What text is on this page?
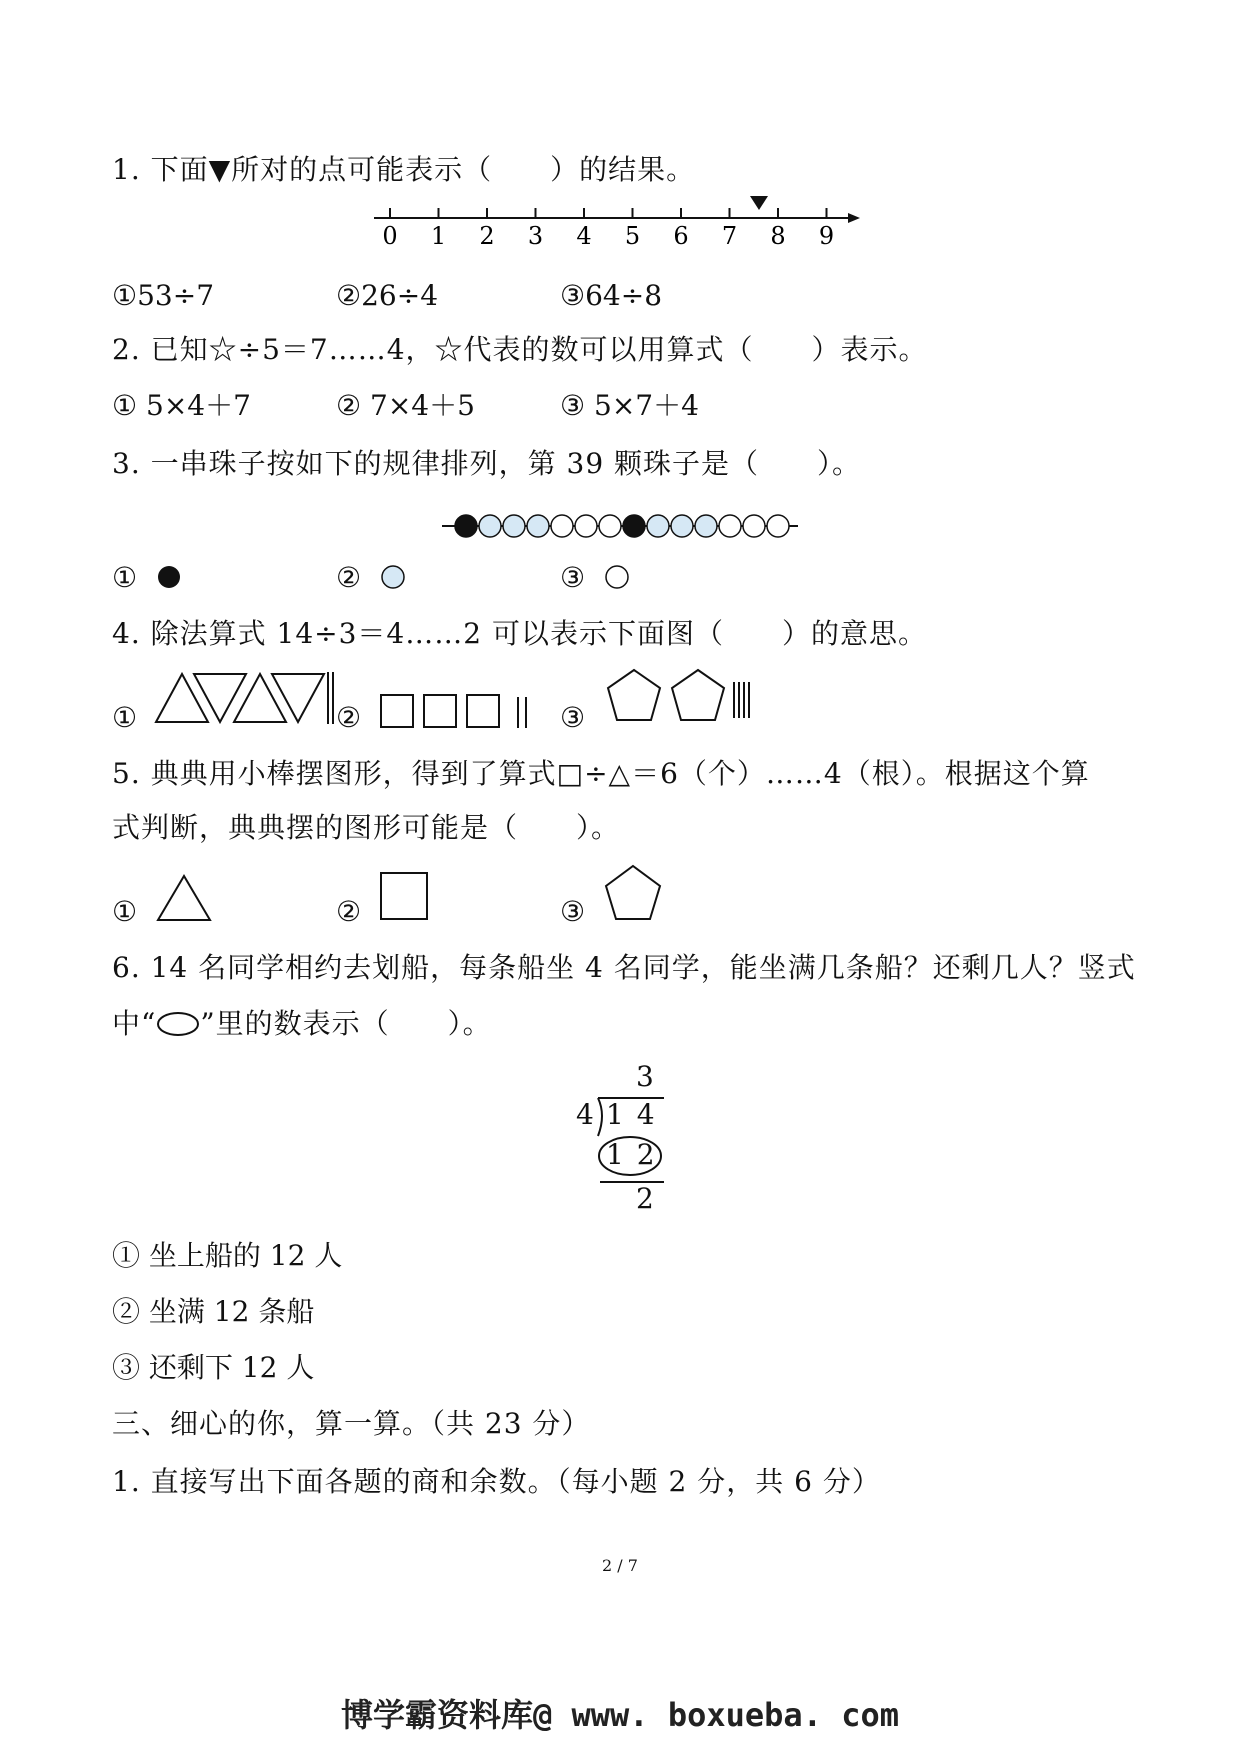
1. 下面▼所对的点可能表示（　　）的结果。
0 1 2 3 4 5 6 7 8 9
①53÷7	②26÷4	③64÷8
2. 已知☆÷5＝7……4，☆代表的数可以用算式（　　）表示。
① 5×4＋7	② 7×4＋5	③ 5×7＋4
3. 一串珠子按如下的规律排列，第 39 颗珠子是（　　）。
①	②	③
4. 除法算式 14÷3＝4……2 可以表示下面图（　　）的意思。
①	②	③
5. 典典用小棒摆图形，得到了算式□÷△＝6（个）……4（根）。根据这个算
式判断，典典摆的图形可能是（　　）。
①	②	③
6. 14 名同学相约去划船，每条船坐 4 名同学，能坐满几条船？还剩几人？竖式
中“ ”里的数表示（　　）。
3
4 1 4
1 2
2
① 坐上船的 12 人
② 坐满 12 条船
③ 还剩下 12 人
三、细心的你，算一算。（共 23 分）
1. 直接写出下面各题的商和余数。（每小题 2 分，共 6 分）
2 / 7
博学霸资料库@ www. boxueba. com
